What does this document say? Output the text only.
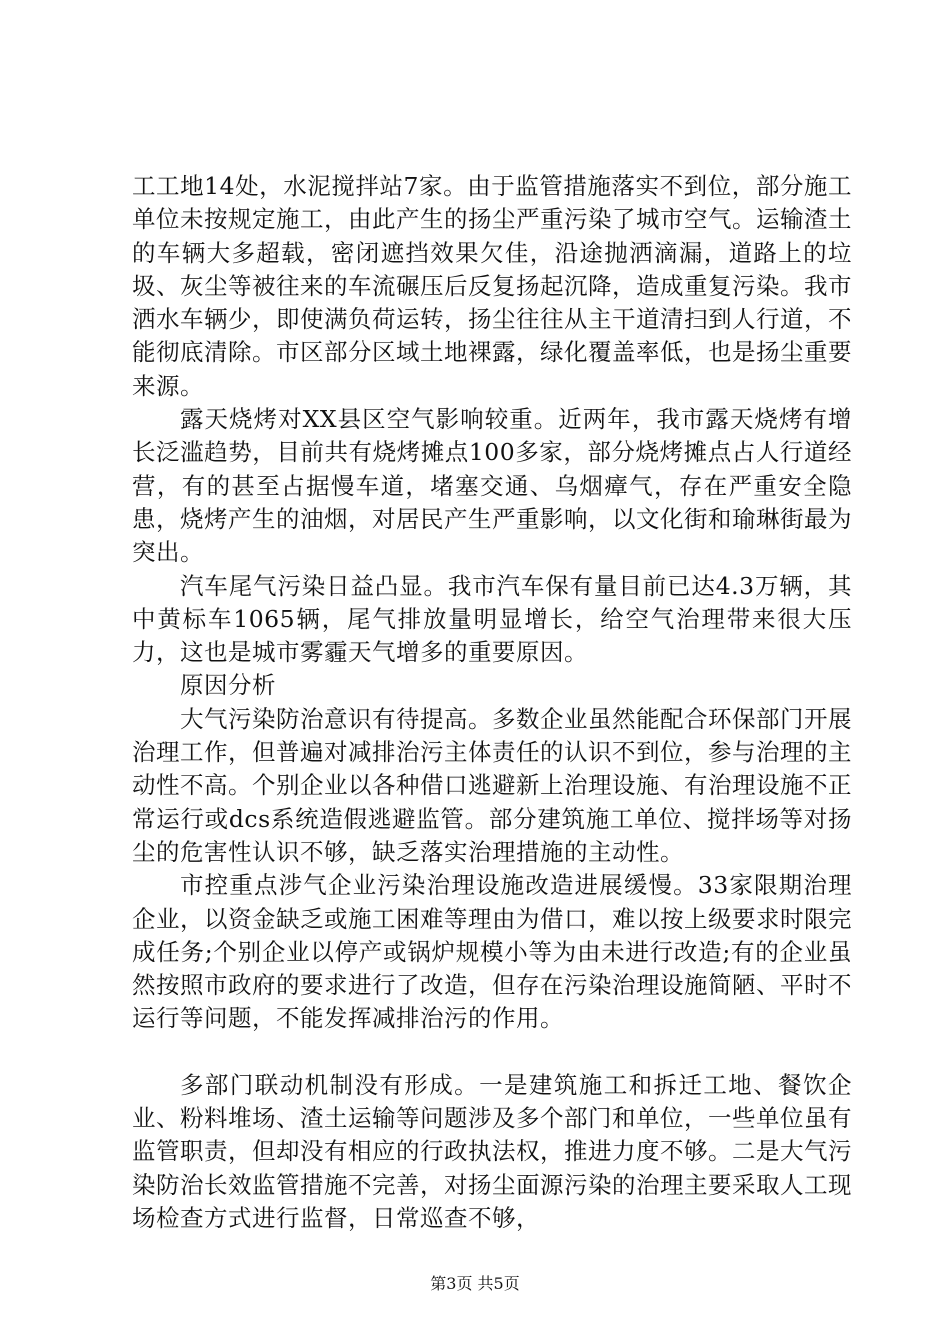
工工地14处，水泥搅拌站7家。由于监管措施落实不到位，部分施工单位未按规定施工，由此产生的扬尘严重污染了城市空气。运输渣土的车辆大多超载，密闭遮挡效果欠佳，沿途抛洒滴漏，道路上的垃圾、灰尘等被往来的车流碾压后反复扬起沉降，造成重复污染。我市洒水车辆少，即使满负荷运转，扬尘往往从主干道清扫到人行道，不能彻底清除。市区部分区域土地裸露，绿化覆盖率低，也是扬尘重要来源。

露天烧烤对XX县区空气影响较重。近两年，我市露天烧烤有增长泛滥趋势，目前共有烧烤摊点100多家，部分烧烤摊点占人行道经营，有的甚至占据慢车道，堵塞交通、乌烟瘴气，存在严重安全隐患，烧烤产生的油烟，对居民产生严重影响，以文化街和瑜琳街最为突出。

汽车尾气污染日益凸显。我市汽车保有量目前已达4.3万辆，其中黄标车1065辆，尾气排放量明显增长，给空气治理带来很大压力，这也是城市雾霾天气增多的重要原因。

原因分析

大气污染防治意识有待提高。多数企业虽然能配合环保部门开展治理工作，但普遍对减排治污主体责任的认识不到位，参与治理的主动性不高。个别企业以各种借口逃避新上治理设施、有治理设施不正常运行或dcs系统造假逃避监管。部分建筑施工单位、搅拌场等对扬尘的危害性认识不够，缺乏落实治理措施的主动性。

市控重点涉气企业污染治理设施改造进展缓慢。33家限期治理企业，以资金缺乏或施工困难等理由为借口，难以按上级要求时限完成任务;个别企业以停产或锅炉规模小等为由未进行改造;有的企业虽然按照市政府的要求进行了改造，但存在污染治理设施简陋、平时不运行等问题，不能发挥减排治污的作用。

多部门联动机制没有形成。一是建筑施工和拆迁工地、餐饮企业、粉料堆场、渣土运输等问题涉及多个部门和单位，一些单位虽有监管职责，但却没有相应的行政执法权，推进力度不够。二是大气污染防治长效监管措施不完善，对扬尘面源污染的治理主要采取人工现场检查方式进行监督，日常巡查不够，

第3页 共5页
